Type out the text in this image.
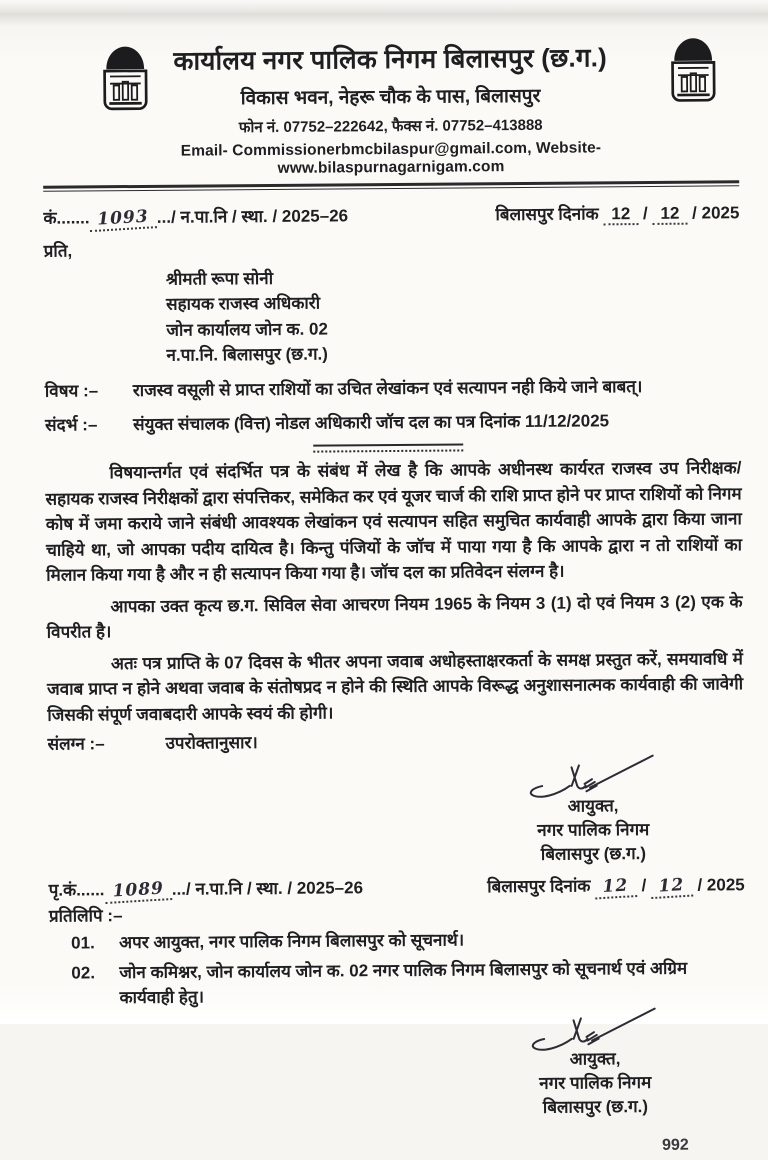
कार्यालय नगर पालिक निगम बिलासपुर (छ.ग.)
विकास भवन, नेहरू चौक के पास, बिलासपुर
फोन नं. 07752–222642, फैक्स नं. 07752–413888
Email- Commissionerbmcbilaspur@gmail.com, Website- www.bilaspurnagarnigam.com
कं....... 1093 .../ न.पा.नि / स्था. / 2025–26	बिलासपुर दिनांक 12 / 12 / 2025
प्रति,
श्रीमती रूपा सोनी
सहायक राजस्व अधिकारी
जोन कार्यालय जोन क. 02
न.पा.नि. बिलासपुर (छ.ग.)
विषय :–	राजस्व वसूली से प्राप्त राशियों का उचित लेखांकन एवं सत्यापन नही किये जाने बाबत्।
संदर्भ :–	संयुक्त संचालक (वित्त) नोडल अधिकारी जॉच दल का पत्र दिनांक 11/12/2025
विषयान्तर्गत एवं संदर्भित पत्र के संबंध में लेख है कि आपके अधीनस्थ कार्यरत राजस्व उप निरीक्षक/सहायक राजस्व निरीक्षकों द्वारा संपत्तिकर, समेकित कर एवं यूजर चार्ज की राशि प्राप्त होने पर प्राप्त राशियों को निगम कोष में जमा कराये जाने संबंधी आवश्यक लेखांकन एवं सत्यापन सहित समुचित कार्यवाही आपके द्वारा किया जाना चाहिये था, जो आपका पदीय दायित्व है। किन्तु पंजियों के जॉच में पाया गया है कि आपके द्वारा न तो राशियों का मिलान किया गया है और न ही सत्यापन किया गया है। जॉच दल का प्रतिवेदन संलग्न है।
आपका उक्त कृत्य छ.ग. सिविल सेवा आचरण नियम 1965 के नियम 3 (1) दो एवं नियम 3 (2) एक के विपरीत है।
अतः पत्र प्राप्ति के 07 दिवस के भीतर अपना जवाब अधोहस्ताक्षरकर्ता के समक्ष प्रस्तुत करें, समयावधि में जवाब प्राप्त न होने अथवा जवाब के संतोषप्रद न होने की स्थिति आपके विरूद्ध अनुशासनात्मक कार्यवाही की जावेगी जिसकी संपूर्ण जवाबदारी आपके स्वयं की होगी।
संलग्न :–	उपरोक्तानुसार।
आयुक्त,
नगर पालिक निगम
बिलासपुर (छ.ग.)
पृ.कं...... 1089 .../ न.पा.नि / स्था. / 2025–26	बिलासपुर दिनांक 12 / 12 / 2025
प्रतिलिपि :–
01.	अपर आयुक्त, नगर पालिक निगम बिलासपुर को सूचनार्थ।
02.	जोन कमिश्नर, जोन कार्यालय जोन क. 02 नगर पालिक निगम बिलासपुर को सूचनार्थ एवं अग्रिम कार्यवाही हेतु।
आयुक्त,
नगर पालिक निगम
बिलासपुर (छ.ग.)
992
